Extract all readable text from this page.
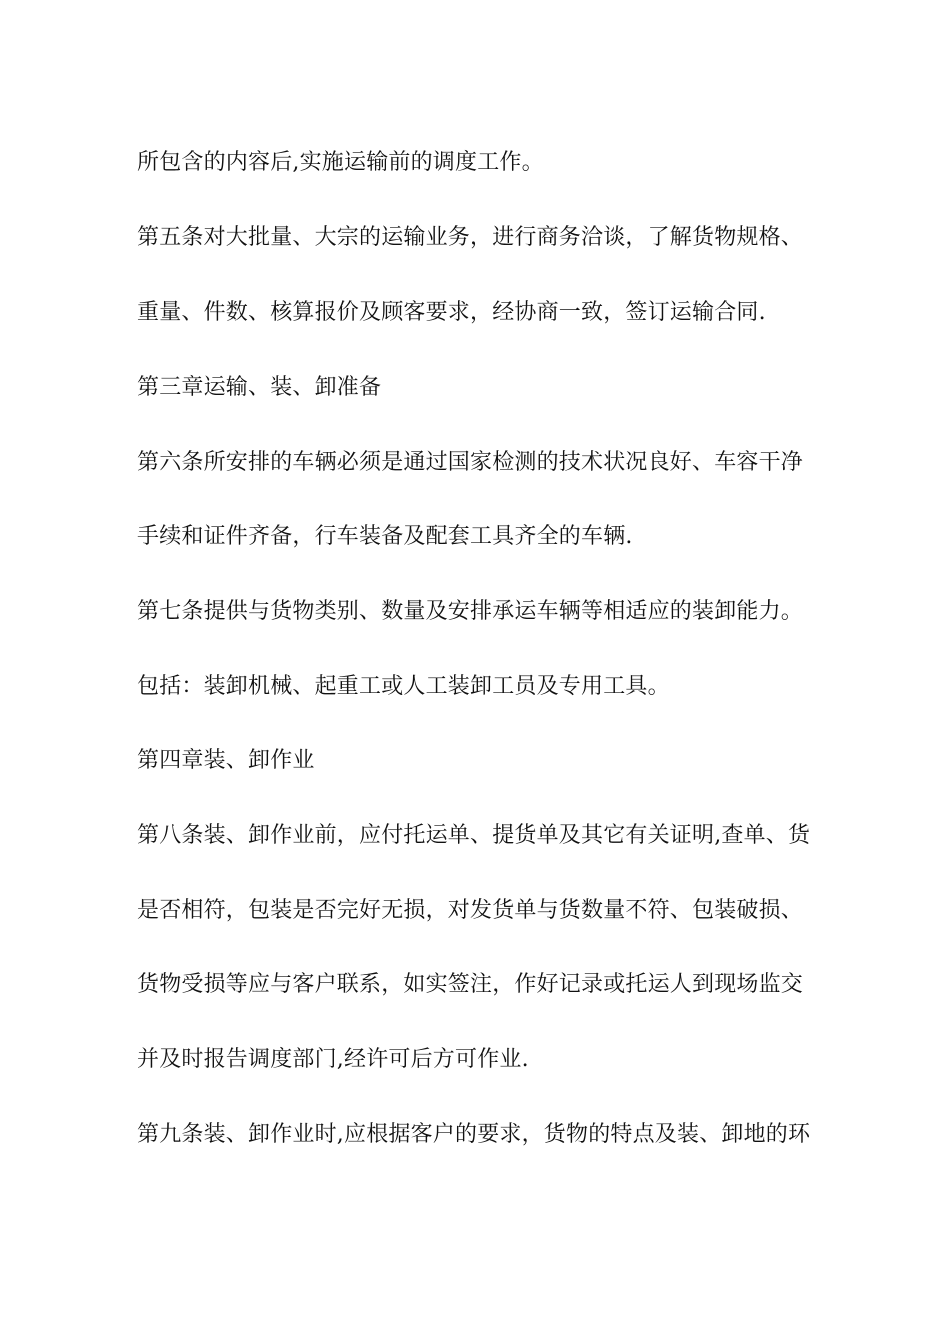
所包含的内容后,实施运输前的调度工作。
第五条对大批量、大宗的运输业务，进行商务洽谈，了解货物规格、
重量、件数、核算报价及顾客要求，经协商一致，签订运输合同.
第三章运输、装、卸准备
第六条所安排的车辆必须是通过国家检测的技术状况良好、车容干净
手续和证件齐备，行车装备及配套工具齐全的车辆.
第七条提供与货物类别、数量及安排承运车辆等相适应的装卸能力。
包括：装卸机械、起重工或人工装卸工员及专用工具。
第四章装、卸作业
第八条装、卸作业前，应付托运单、提货单及其它有关证明,查单、货
是否相符，包装是否完好无损，对发货单与货数量不符、包装破损、
货物受损等应与客户联系，如实签注，作好记录或托运人到现场监交
并及时报告调度部门,经许可后方可作业.
第九条装、卸作业时,应根据客户的要求，货物的特点及装、卸地的环
